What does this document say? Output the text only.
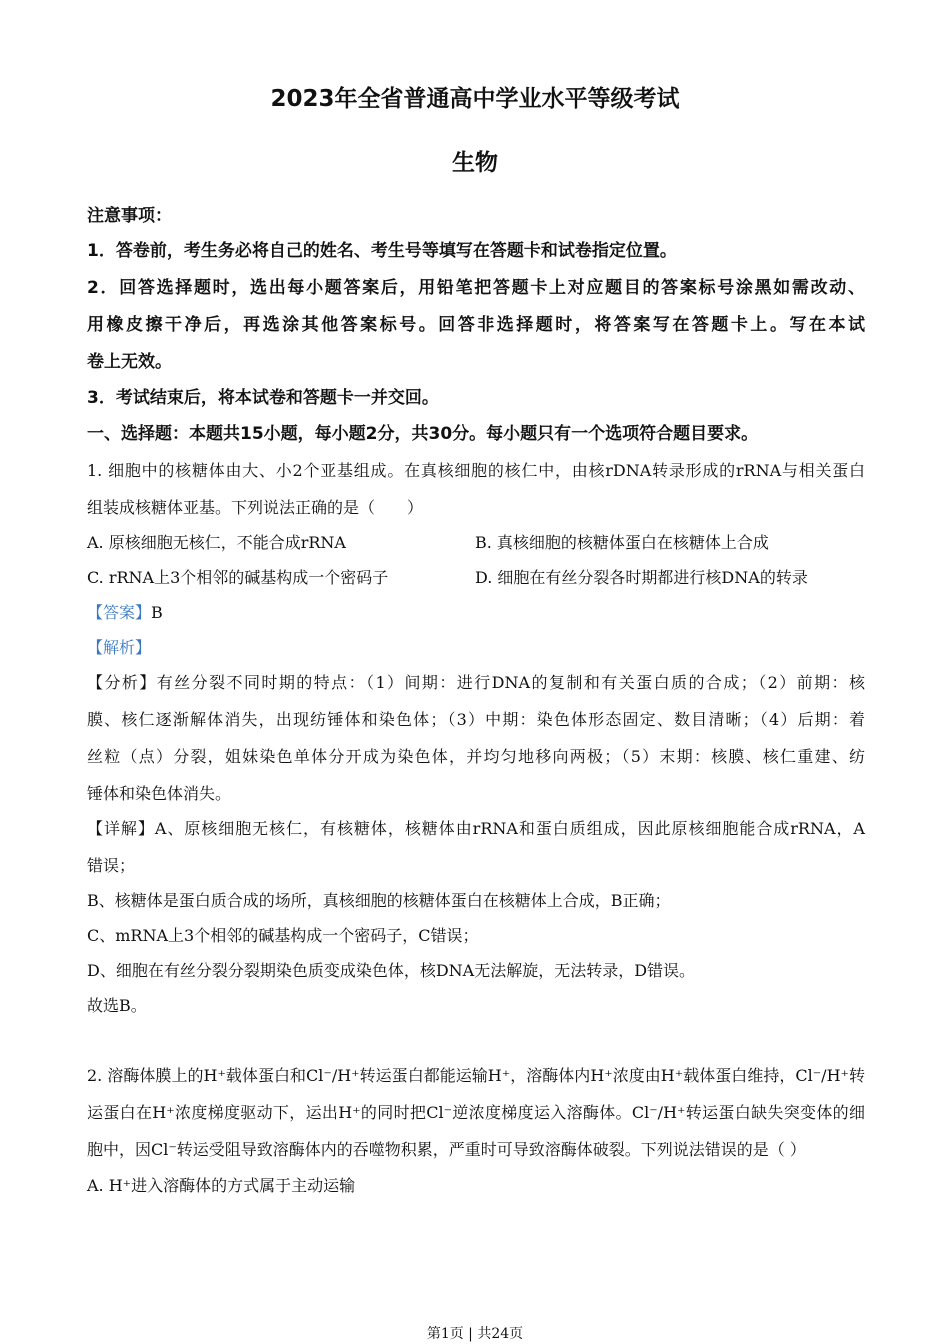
2023年全省普通高中学业水平等级考试
生物
注意事项：
1．答卷前，考生务必将自己的姓名、考生号等填写在答题卡和试卷指定位置。
2．回答选择题时，选出每小题答案后，用铅笔把答题卡上对应题目的答案标号涂黑如需改动、
用橡皮擦干净后，再选涂其他答案标号。回答非选择题时，将答案写在答题卡上。写在本试
卷上无效。
3．考试结束后，将本试卷和答题卡一并交回。
一、选择题：本题共15小题，每小题2分，共30分。每小题只有一个选项符合题目要求。
1. 细胞中的核糖体由大、小2个亚基组成。在真核细胞的核仁中，由核rDNA转录形成的rRNA与相关蛋白
组装成核糖体亚基。下列说法正确的是（　　）
A. 原核细胞无核仁，不能合成rRNA	B. 真核细胞的核糖体蛋白在核糖体上合成
C. rRNA上3个相邻的碱基构成一个密码子	D. 细胞在有丝分裂各时期都进行核DNA的转录
【答案】B
【解析】
【分析】有丝分裂不同时期的特点：（1）间期：进行DNA的复制和有关蛋白质的合成；（2）前期：核
膜、核仁逐渐解体消失，出现纺锤体和染色体；（3）中期：染色体形态固定、数目清晰；（4）后期：着
丝粒（点）分裂，姐妹染色单体分开成为染色体，并均匀地移向两极；（5）末期：核膜、核仁重建、纺
锤体和染色体消失。
【详解】A、原核细胞无核仁，有核糖体，核糖体由rRNA和蛋白质组成，因此原核细胞能合成rRNA，A
错误；
B、核糖体是蛋白质合成的场所，真核细胞的核糖体蛋白在核糖体上合成，B正确；
C、mRNA上3个相邻的碱基构成一个密码子，C错误；
D、细胞在有丝分裂分裂期染色质变成染色体，核DNA无法解旋，无法转录，D错误。
故选B。
2. 溶酶体膜上的H⁺载体蛋白和Cl⁻/H⁺转运蛋白都能运输H⁺，溶酶体内H⁺浓度由H⁺载体蛋白维持，Cl⁻/H⁺转
运蛋白在H⁺浓度梯度驱动下，运出H⁺的同时把Cl⁻逆浓度梯度运入溶酶体。Cl⁻/H⁺转运蛋白缺失突变体的细
胞中，因Cl⁻转运受阻导致溶酶体内的吞噬物积累，严重时可导致溶酶体破裂。下列说法错误的是（ ）
A. H⁺进入溶酶体的方式属于主动运输
第1页 | 共24页
